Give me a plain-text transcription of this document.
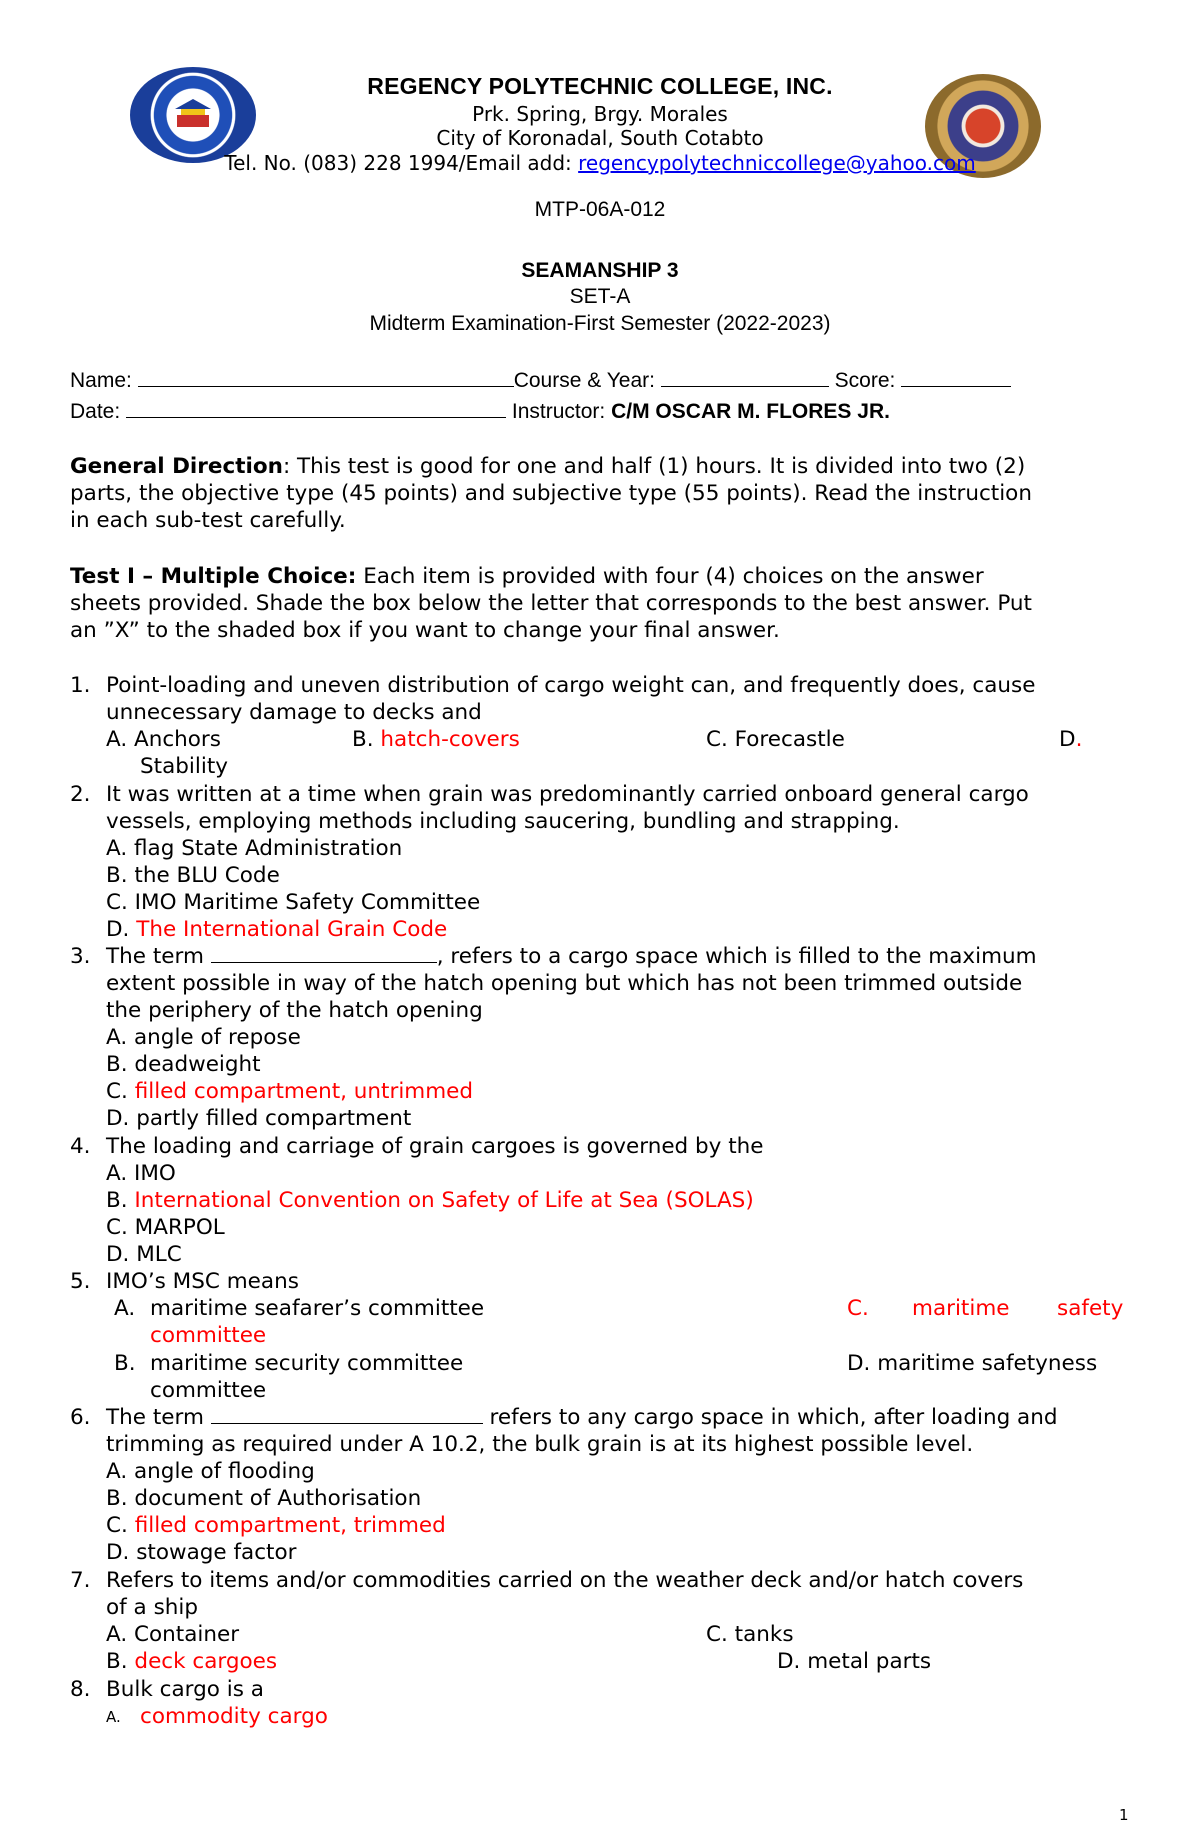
REGENCY POLYTECHNIC COLLEGE, INC.
Prk. Spring, Brgy. Morales
City of Koronadal, South Cotabto
Tel. No. (083) 228 1994/Email add: regencypolytechniccollege@yahoo.com
MTP-06A-012
SEAMANSHIP 3
SET-A
Midterm Examination-First Semester (2022-2023)
Name:	Course & Year:	Score:
Date:	Instructor: C/M OSCAR M. FLORES JR.
General Direction: This test is good for one and half (1) hours. It is divided into two (2)
parts, the objective type (45 points) and subjective type (55 points). Read the instruction
in each sub-test carefully.
Test I – Multiple Choice: Each item is provided with four (4) choices on the answer
sheets provided. Shade the box below the letter that corresponds to the best answer. Put
an ”X” to the shaded box if you want to change your final answer.
1. Point-loading and uneven distribution of cargo weight can, and frequently does, cause
unnecessary damage to decks and
A. Anchors	B. hatch-covers	C. Forecastle	D.
Stability
2. It was written at a time when grain was predominantly carried onboard general cargo
vessels, employing methods including saucering, bundling and strapping.
A. flag State Administration
B. the BLU Code
C. IMO Maritime Safety Committee
D. The International Grain Code
3. The term	, refers to a cargo space which is filled to the maximum
extent possible in way of the hatch opening but which has not been trimmed outside
the periphery of the hatch opening
A. angle of repose
B. deadweight
C. filled compartment, untrimmed
D. partly filled compartment
4. The loading and carriage of grain cargoes is governed by the
A. IMO
B. International Convention on Safety of Life at Sea (SOLAS)
C. MARPOL
D. MLC
5. IMO’s MSC means
A. maritime seafarer’s committee	C. maritime safety
committee
B. maritime security committee	D. maritime safetyness
committee
6. The term	refers to any cargo space in which, after loading and
trimming as required under A 10.2, the bulk grain is at its highest possible level.
A. angle of flooding
B. document of Authorisation
C. filled compartment, trimmed
D. stowage factor
7. Refers to items and/or commodities carried on the weather deck and/or hatch covers
of a ship
A. Container	C. tanks
B. deck cargoes	D. metal parts
8. Bulk cargo is a
A. commodity cargo
1
